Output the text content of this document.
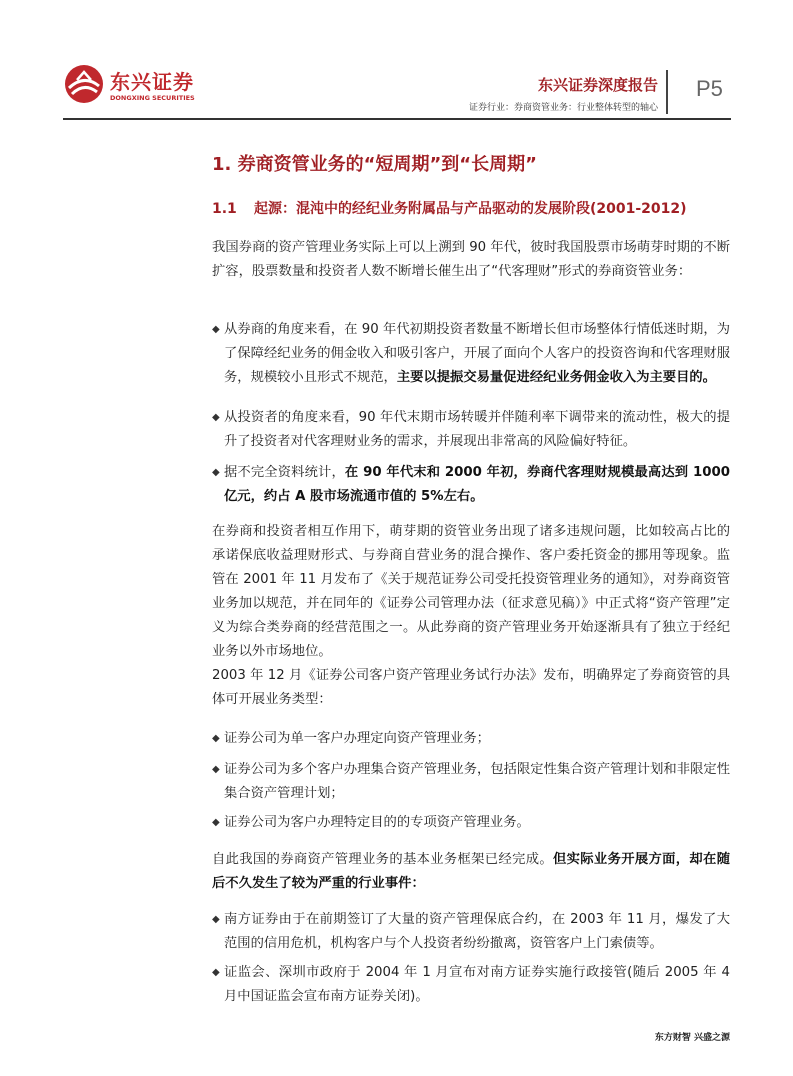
东兴证券
DONGXING SECURITIES
东兴证券深度报告
证券行业：券商资管业务：行业整体转型的轴心
P5
1. 券商资管业务的“短周期”到“长周期”
1.1 起源：混沌中的经纪业务附属品与产品驱动的发展阶段(2001-2012)
我国券商的资产管理业务实际上可以上溯到 90 年代，彼时我国股票市场萌芽时期的不断扩容，股票数量和投资者人数不断增长催生出了“代客理财”形式的券商资管业务：
◆ 从券商的角度来看，在 90 年代初期投资者数量不断增长但市场整体行情低迷时期，为了保障经纪业务的佣金收入和吸引客户，开展了面向个人客户的投资咨询和代客理财服务，规模较小且形式不规范，主要以提振交易量促进经纪业务佣金收入为主要目的。
◆ 从投资者的角度来看，90 年代末期市场转暖并伴随利率下调带来的流动性，极大的提升了投资者对代客理财业务的需求，并展现出非常高的风险偏好特征。
◆ 据不完全资料统计，在 90 年代末和 2000 年初，券商代客理财规模最高达到 1000 亿元，约占 A 股市场流通市值的 5%左右。
在券商和投资者相互作用下，萌芽期的资管业务出现了诸多违规问题，比如较高占比的承诺保底收益理财形式、与券商自营业务的混合操作、客户委托资金的挪用等现象。监管在 2001 年 11 月发布了《关于规范证券公司受托投资管理业务的通知》，对券商资管业务加以规范，并在同年的《证券公司管理办法（征求意见稿）》中正式将“资产管理”定义为综合类券商的经营范围之一。从此券商的资产管理业务开始逐渐具有了独立于经纪业务以外市场地位。
2003 年 12 月《证券公司客户资产管理业务试行办法》发布，明确界定了券商资管的具体可开展业务类型：
◆ 证券公司为单一客户办理定向资产管理业务；
◆ 证券公司为多个客户办理集合资产管理业务，包括限定性集合资产管理计划和非限定性集合资产管理计划；
◆ 证券公司为客户办理特定目的的专项资产管理业务。
自此我国的券商资产管理业务的基本业务框架已经完成。但实际业务开展方面，却在随后不久发生了较为严重的行业事件：
◆ 南方证券由于在前期签订了大量的资产管理保底合约，在 2003 年 11 月，爆发了大范围的信用危机，机构客户与个人投资者纷纷撤离，资管客户上门索债等。
◆ 证监会、深圳市政府于 2004 年 1 月宣布对南方证券实施行政接管(随后 2005 年 4 月中国证监会宣布南方证券关闭)。
东方财智 兴盛之源
